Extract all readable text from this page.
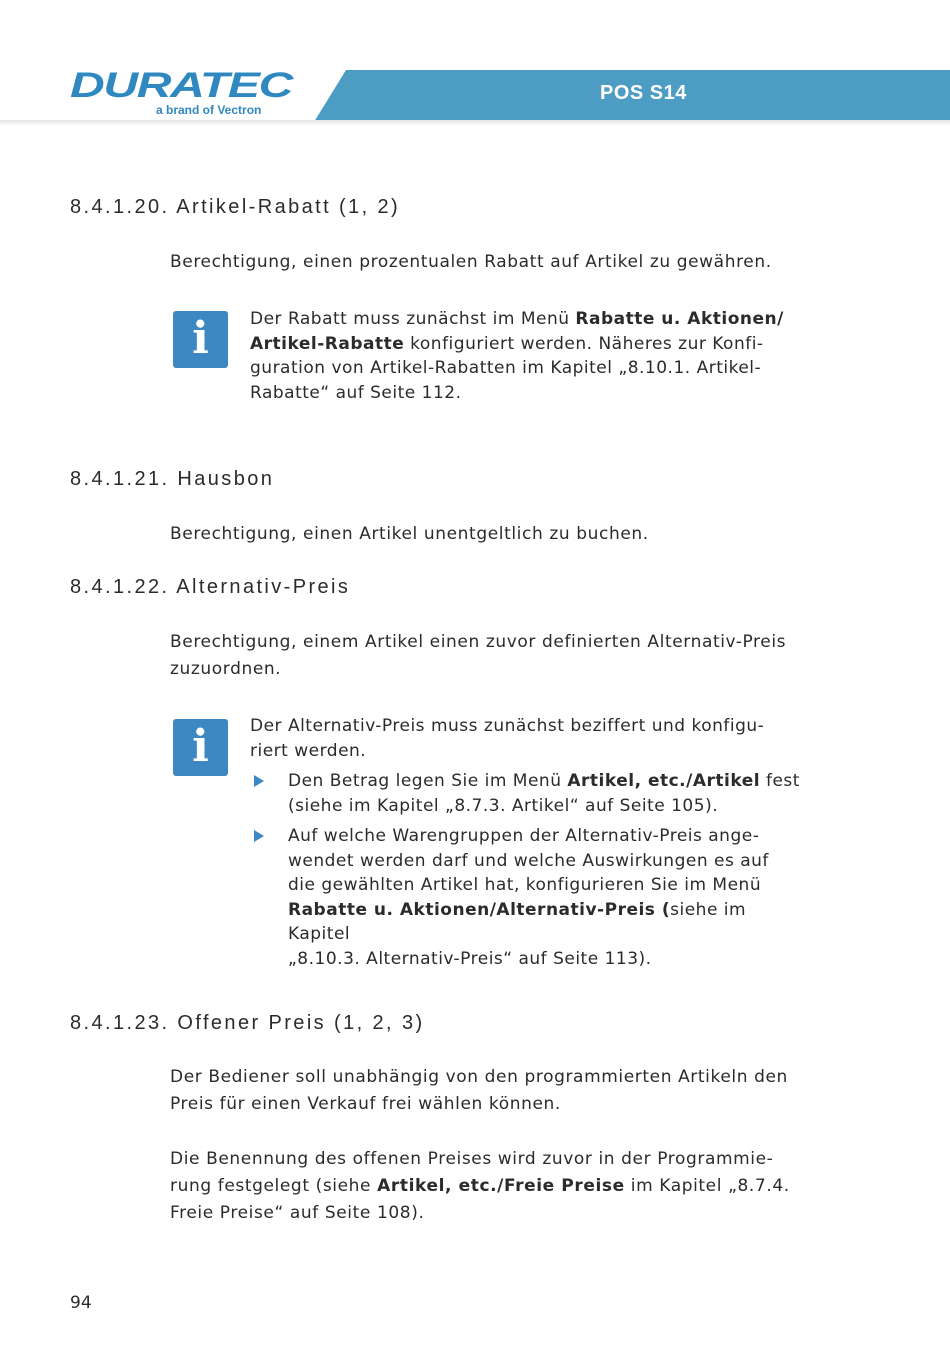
DURATEC
a brand of Vectron
POS S14
8.4.1.20. Artikel-Rabatt (1, 2)

Berechtigung, einen prozentualen Rabatt auf Artikel zu gewähren.

i	Der Rabatt muss zunächst im Menü Rabatte u. Aktionen/
Artikel-Rabatte konfiguriert werden. Näheres zur Konfi-
guration von Artikel-Rabatten im Kapitel „8.10.1. Artikel-
Rabatte“ auf Seite 112.
8.4.1.21. Hausbon

Berechtigung, einen Artikel unentgeltlich zu buchen.

8.4.1.22. Alternativ-Preis
Berechtigung, einem Artikel einen zuvor definierten Alternativ-Preis
zuzuordnen.
i	Der Alternativ-Preis muss zunächst beziffert und konfigu-
riert werden.
Den Betrag legen Sie im Menü Artikel, etc./Artikel fest
(siehe im Kapitel „8.7.3. Artikel“ auf Seite 105).
Auf welche Warengruppen der Alternativ-Preis ange-
wendet werden darf und welche Auswirkungen es auf
die gewählten Artikel hat, konfigurieren Sie im Menü
Rabatte u. Aktionen/Alternativ-Preis (siehe im Kapitel
„8.10.3. Alternativ-Preis“ auf Seite 113).
8.4.1.23. Offener Preis (1, 2, 3)
Der Bediener soll unabhängig von den programmierten Artikeln den
Preis für einen Verkauf frei wählen können.
Die Benennung des offenen Preises wird zuvor in der Programmie-
rung festgelegt (siehe Artikel, etc./Freie Preise im Kapitel „8.7.4.
Freie Preise“ auf Seite 108).
94
